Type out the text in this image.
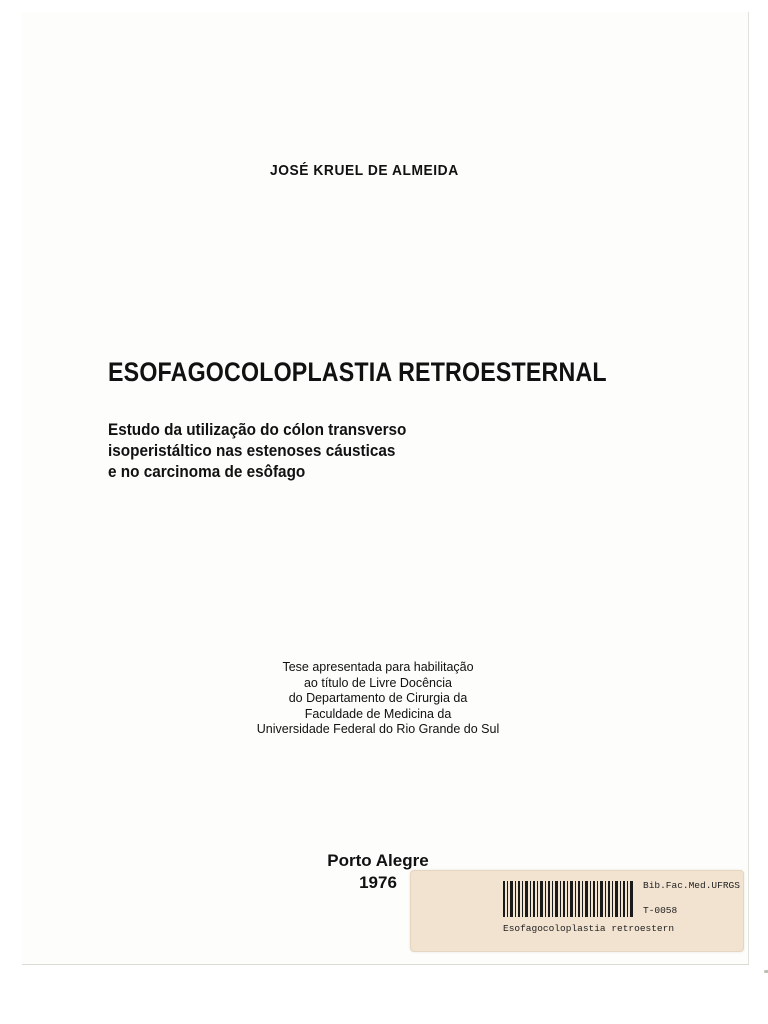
JOSÉ KRUEL DE ALMEIDA
ESOFAGOCOLOPLASTIA RETROESTERNAL
Estudo da utilização do cólon transverso
isoperistáltico nas estenoses cáusticas
e no carcinoma de esôfago
Tese apresentada para habilitação
ao título de Livre Docência
do Departamento de Cirurgia da
Faculdade de Medicina da
Universidade Federal do Rio Grande do Sul
Porto Alegre
1976	Bib.Fac.Med.UFRGS
T-0058
Esofagocoloplastia retroestern
